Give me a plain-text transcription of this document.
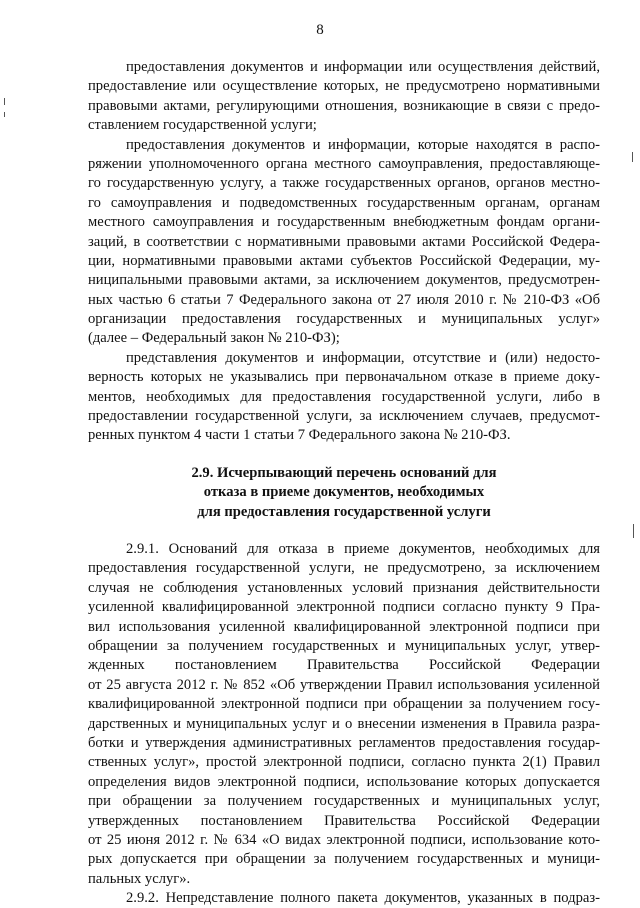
8
предоставления документов и информации или осуществления действий,
предоставление или осуществление которых, не предусмотрено нормативными
правовыми актами, регулирующими отношения, возникающие в связи с предо-
ставлением государственной услуги;
предоставления документов и информации, которые находятся в распо-
ряжении уполномоченного органа местного самоуправления, предоставляюще-
го государственную услугу, а также государственных органов, органов местно-
го самоуправления и подведомственных государственным органам, органам
местного самоуправления и государственным внебюджетным фондам органи-
заций, в соответствии с нормативными правовыми актами Российской Федера-
ции, нормативными правовыми актами субъектов Российской Федерации, му-
ниципальными правовыми актами, за исключением документов, предусмотрен-
ных частью 6 статьи 7 Федерального закона от 27 июля 2010 г. № 210-ФЗ «Об
организации предоставления государственных и муниципальных услуг»
(далее – Федеральный закон № 210-ФЗ);
представления документов и информации, отсутствие и (или) недосто-
верность которых не указывались при первоначальном отказе в приеме доку-
ментов, необходимых для предоставления государственной услуги, либо в
предоставлении государственной услуги, за исключением случаев, предусмот-
ренных пунктом 4 части 1 статьи 7 Федерального закона № 210-ФЗ.
2.9. Исчерпывающий перечень оснований для
отказа в приеме документов, необходимых
для предоставления государственной услуги
2.9.1. Оснований для отказа в приеме документов, необходимых для
предоставления государственной услуги, не предусмотрено, за исключением
случая не соблюдения установленных условий признания действительности
усиленной квалифицированной электронной подписи согласно пункту 9 Пра-
вил использования усиленной квалифицированной электронной подписи при
обращении за получением государственных и муниципальных услуг, утвер-
жденных постановлением Правительства Российской Федерации
от 25 августа 2012 г. № 852 «Об утверждении Правил использования усиленной
квалифицированной электронной подписи при обращении за получением госу-
дарственных и муниципальных услуг и о внесении изменения в Правила разра-
ботки и утверждения административных регламентов предоставления государ-
ственных услуг», простой электронной подписи, согласно пункта 2(1) Правил
определения видов электронной подписи, использование которых допускается
при обращении за получением государственных и муниципальных услуг,
утвержденных постановлением Правительства Российской Федерации
от 25 июня 2012 г. № 634 «О видах электронной подписи, использование кото-
рых допускается при обращении за получением государственных и муници-
пальных услуг».
2.9.2. Непредставление полного пакета документов, указанных в подраз-
